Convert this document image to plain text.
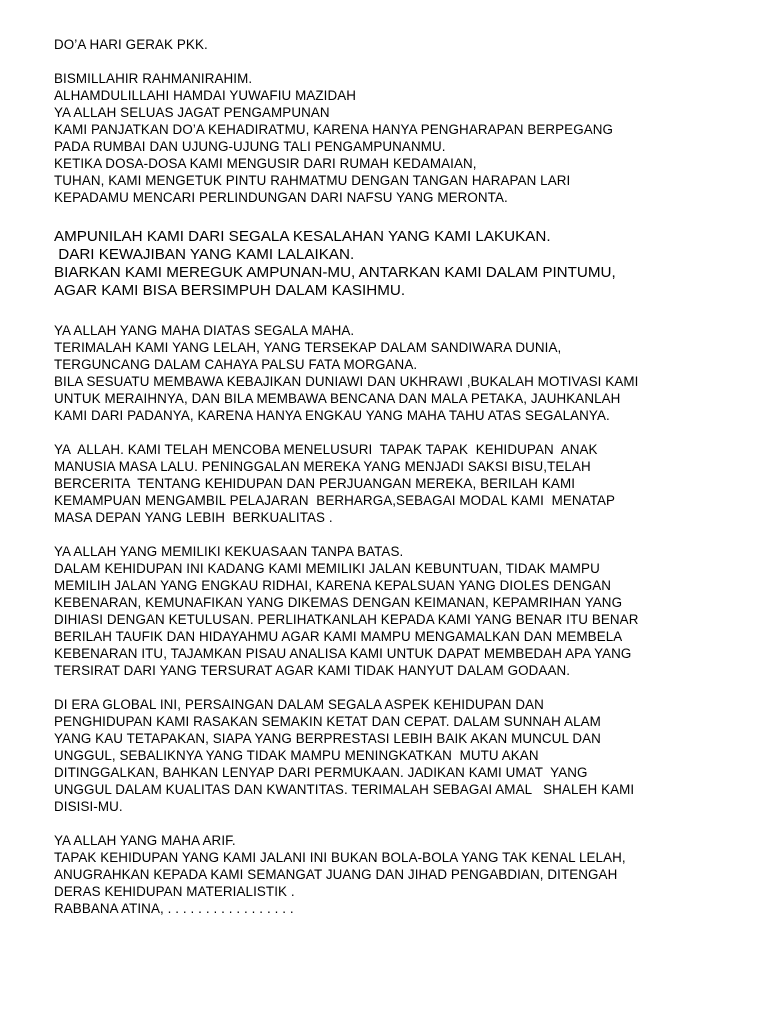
DO’A HARI GERAK PKK.
BISMILLAHIR RAHMANIRAHIM.
ALHAMDULILLAHI HAMDAI YUWAFIU MAZIDAH
YA ALLAH SELUAS JAGAT PENGAMPUNAN
KAMI PANJATKAN DO’A KEHADIRATMU, KARENA HANYA PENGHARAPAN BERPEGANG
PADA RUMBAI DAN UJUNG-UJUNG TALI PENGAMPUNANMU.
KETIKA DOSA-DOSA KAMI MENGUSIR DARI RUMAH KEDAMAIAN,
TUHAN, KAMI MENGETUK PINTU RAHMATMU DENGAN TANGAN HARAPAN LARI
KEPADAMU MENCARI PERLINDUNGAN DARI NAFSU YANG MERONTA.
AMPUNILAH KAMI DARI SEGALA KESALAHAN YANG KAMI LAKUKAN.
DARI KEWAJIBAN YANG KAMI LALAIKAN.
BIARKAN KAMI MEREGUK AMPUNAN-MU, ANTARKAN KAMI DALAM PINTUMU,
AGAR KAMI BISA BERSIMPUH DALAM KASIHMU.
YA ALLAH YANG MAHA DIATAS SEGALA MAHA.
TERIMALAH KAMI YANG LELAH, YANG TERSEKAP DALAM SANDIWARA DUNIA,
TERGUNCANG DALAM CAHAYA PALSU FATA MORGANA.
BILA SESUATU MEMBAWA KEBAJIKAN DUNIAWI DAN UKHRAWI ,BUKALAH MOTIVASI KAMI
UNTUK MERAIHNYA, DAN BILA MEMBAWA BENCANA DAN MALA PETAKA, JAUHKANLAH
KAMI DARI PADANYA, KARENA HANYA ENGKAU YANG MAHA TAHU ATAS SEGALANYA.
YA  ALLAH. KAMI TELAH MENCOBA MENELUSURI  TAPAK TAPAK  KEHIDUPAN  ANAK
MANUSIA MASA LALU. PENINGGALAN MEREKA YANG MENJADI SAKSI BISU,TELAH
BERCERITA  TENTANG KEHIDUPAN DAN PERJUANGAN MEREKA, BERILAH KAMI
KEMAMPUAN MENGAMBIL PELAJARAN  BERHARGA,SEBAGAI MODAL KAMI  MENATAP
MASA DEPAN YANG LEBIH  BERKUALITAS .
YA ALLAH YANG MEMILIKI KEKUASAAN TANPA BATAS.
DALAM KEHIDUPAN INI KADANG KAMI MEMILIKI JALAN KEBUNTUAN, TIDAK MAMPU
MEMILIH JALAN YANG ENGKAU RIDHAI, KARENA KEPALSUAN YANG DIOLES DENGAN
KEBENARAN, KEMUNAFIKAN YANG DIKEMAS DENGAN KEIMANAN, KEPAMRIHAN YANG
DIHIASI DENGAN KETULUSAN. PERLIHATKANLAH KEPADA KAMI YANG BENAR ITU BENAR
BERILAH TAUFIK DAN HIDAYAHMU AGAR KAMI MAMPU MENGAMALKAN DAN MEMBELA
KEBENARAN ITU, TAJAMKAN PISAU ANALISA KAMI UNTUK DAPAT MEMBEDAH APA YANG
TERSIRAT DARI YANG TERSURAT AGAR KAMI TIDAK HANYUT DALAM GODAAN.
DI ERA GLOBAL INI, PERSAINGAN DALAM SEGALA ASPEK KEHIDUPAN DAN
PENGHIDUPAN KAMI RASAKAN SEMAKIN KETAT DAN CEPAT. DALAM SUNNAH ALAM
YANG KAU TETAPAKAN, SIAPA YANG BERPRESTASI LEBIH BAIK AKAN MUNCUL DAN
UNGGUL, SEBALIKNYA YANG TIDAK MAMPU MENINGKATKAN  MUTU AKAN
DITINGGALKAN, BAHKAN LENYAP DARI PERMUKAAN. JADIKAN KAMI UMAT  YANG
UNGGUL DALAM KUALITAS DAN KWANTITAS. TERIMALAH SEBAGAI AMAL   SHALEH KAMI
DISISI-MU.
YA ALLAH YANG MAHA ARIF.
TAPAK KEHIDUPAN YANG KAMI JALANI INI BUKAN BOLA-BOLA YANG TAK KENAL LELAH,
ANUGRAHKAN KEPADA KAMI SEMANGAT JUANG DAN JIHAD PENGABDIAN, DITENGAH
DERAS KEHIDUPAN MATERIALISTIK .
RABBANA ATINA, . . . . . . . . . . . . . . . . .
